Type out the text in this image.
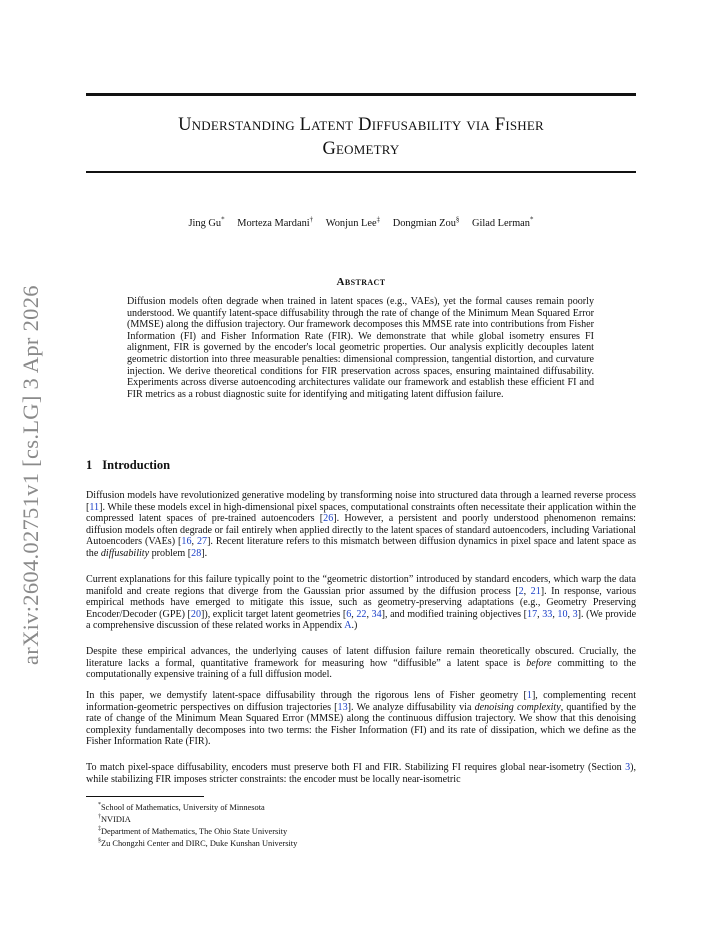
arXiv:2604.02751v1 [cs.LG] 3 Apr 2026
Understanding Latent Diffusability via Fisher
Geometry
Jing Gu* Morteza Mardani† Wonjun Lee‡ Dongmian Zou§ Gilad Lerman*
Abstract
Diffusion models often degrade when trained in latent spaces (e.g., VAEs), yet the formal causes remain poorly understood. We quantify latent-space diffusability through the rate of change of the Minimum Mean Squared Error (MMSE) along the diffusion trajectory. Our framework decomposes this MMSE rate into contributions from Fisher Information (FI) and Fisher Information Rate (FIR). We demonstrate that while global isometry ensures FI alignment, FIR is governed by the encoder's local geometric properties. Our analysis explicitly decouples latent geometric distortion into three measurable penalties: dimensional compression, tangential distortion, and curvature injection. We derive theoretical conditions for FIR preservation across spaces, ensuring maintained diffusability. Experiments across diverse autoencoding architectures validate our framework and establish these efficient FI and FIR metrics as a robust diagnostic suite for identifying and mitigating latent diffusion failure.
1 Introduction
Diffusion models have revolutionized generative modeling by transforming noise into structured data through a learned reverse process [11]. While these models excel in high-dimensional pixel spaces, computational constraints often necessitate their application within the compressed latent spaces of pre-trained autoencoders [26]. However, a persistent and poorly understood phenomenon remains: diffusion models often degrade or fail entirely when applied directly to the latent spaces of standard autoencoders, including Variational Autoencoders (VAEs) [16, 27]. Recent literature refers to this mismatch between diffusion dynamics in pixel space and latent space as the diffusability problem [28].
Current explanations for this failure typically point to the “geometric distortion” introduced by standard encoders, which warp the data manifold and create regions that diverge from the Gaussian prior assumed by the diffusion process [2, 21]. In response, various empirical methods have emerged to mitigate this issue, such as geometry-preserving adaptations (e.g., Geometry Preserving Encoder/Decoder (GPE) [20]), explicit target latent geometries [6, 22, 34], and modified training objectives [17, 33, 10, 3]. (We provide a comprehensive discussion of these related works in Appendix A.)
Despite these empirical advances, the underlying causes of latent diffusion failure remain theoretically obscured. Crucially, the literature lacks a formal, quantitative framework for measuring how “diffusible” a latent space is before committing to the computationally expensive training of a full diffusion model.
In this paper, we demystify latent-space diffusability through the rigorous lens of Fisher geometry [1], complementing recent information-geometric perspectives on diffusion trajectories [13]. We analyze diffusability via denoising complexity, quantified by the rate of change of the Minimum Mean Squared Error (MMSE) along the continuous diffusion trajectory. We show that this denoising complexity fundamentally decomposes into two terms: the Fisher Information (FI) and its rate of dissipation, which we define as the Fisher Information Rate (FIR).
To match pixel-space diffusability, encoders must preserve both FI and FIR. Stabilizing FI requires global near-isometry (Section 3), while stabilizing FIR imposes stricter constraints: the encoder must be locally near-isometric
*School of Mathematics, University of Minnesota
†NVIDIA
‡Department of Mathematics, The Ohio State University
§Zu Chongzhi Center and DIRC, Duke Kunshan University
